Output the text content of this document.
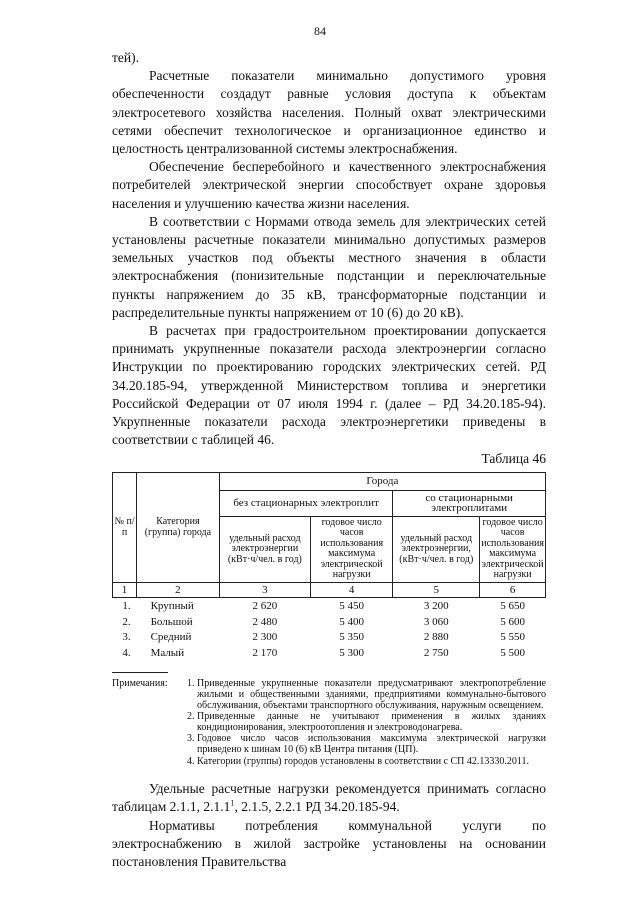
84

тей).

Расчетные показатели минимально допустимого уровня обеспеченности создадут равные условия доступа к объектам электросетевого хозяйства населения. Полный охват электрическими сетями обеспечит технологическое и организационное единство и целостность централизованной системы электроснабжения.

Обеспечение бесперебойного и качественного электроснабжения потребителей электрической энергии способствует охране здоровья населения и улучшению качества жизни населения.

В соответствии с Нормами отвода земель для электрических сетей установлены расчетные показатели минимально допустимых размеров земельных участков под объекты местного значения в области электроснабжения (понизительные подстанции и переключательные пункты напряжением до 35 кВ, трансформаторные подстанции и распределительные пункты напряжением от 10 (6) до 20 кВ).

В расчетах при градостроительном проектировании допускается принимать укрупненные показатели расхода электроэнергии согласно Инструкции по проектированию городских электрических сетей. РД 34.20.185-94, утвержденной Министерством топлива и энергетики Российской Федерации от 07 июля 1994 г. (далее – РД 34.20.185-94). Укрупненные показатели расхода электроэнергетики приведены в соответствии с таблицей 46.

Таблица 46
№ п/п	Категория (группа) города	Города			
		без стационарных электроплит		со стационарными электроплитами	
		удельный расход электроэнергии (кВт·ч/чел. в год)	годовое число часов использования максимума электрической нагрузки	удельный расход электроэнергии, (кВт·ч/чел. в год)	годовое число часов использования максимума электрической нагрузки
1	2	3	4	5	6
1.	Крупный	2 620	5 450	3 200	5 650
2.	Большой	2 480	5 400	3 060	5 600
3.	Средний	2 300	5 350	2 880	5 550
4.	Малый	2 170	5 300	2 750	5 500
Примечания:	1. Приведенные укрупненные показатели предусматривают электропотребление жилыми и общественными зданиями, предприятиями коммунально-бытового обслуживания, объектами транспортного обслуживания, наружным освещением.
2. Приведенные данные не учитывают применения в жилых зданиях кондиционирования, электроотопления и электроводонагрева.
3. Годовое число часов использования максимума электрической нагрузки приведено к шинам 10 (6) кВ Центра питания (ЦП).
4. Категории (группы) городов установлены в соответствии с СП 42.13330.2011.

Удельные расчетные нагрузки рекомендуется принимать согласно таблицам 2.1.1, 2.1.1$^1$, 2.1.5, 2.2.1 РД 34.20.185-94.

Нормативы потребления коммунальной услуги по электроснабжению в жилой застройке установлены на основании постановления Правительства
